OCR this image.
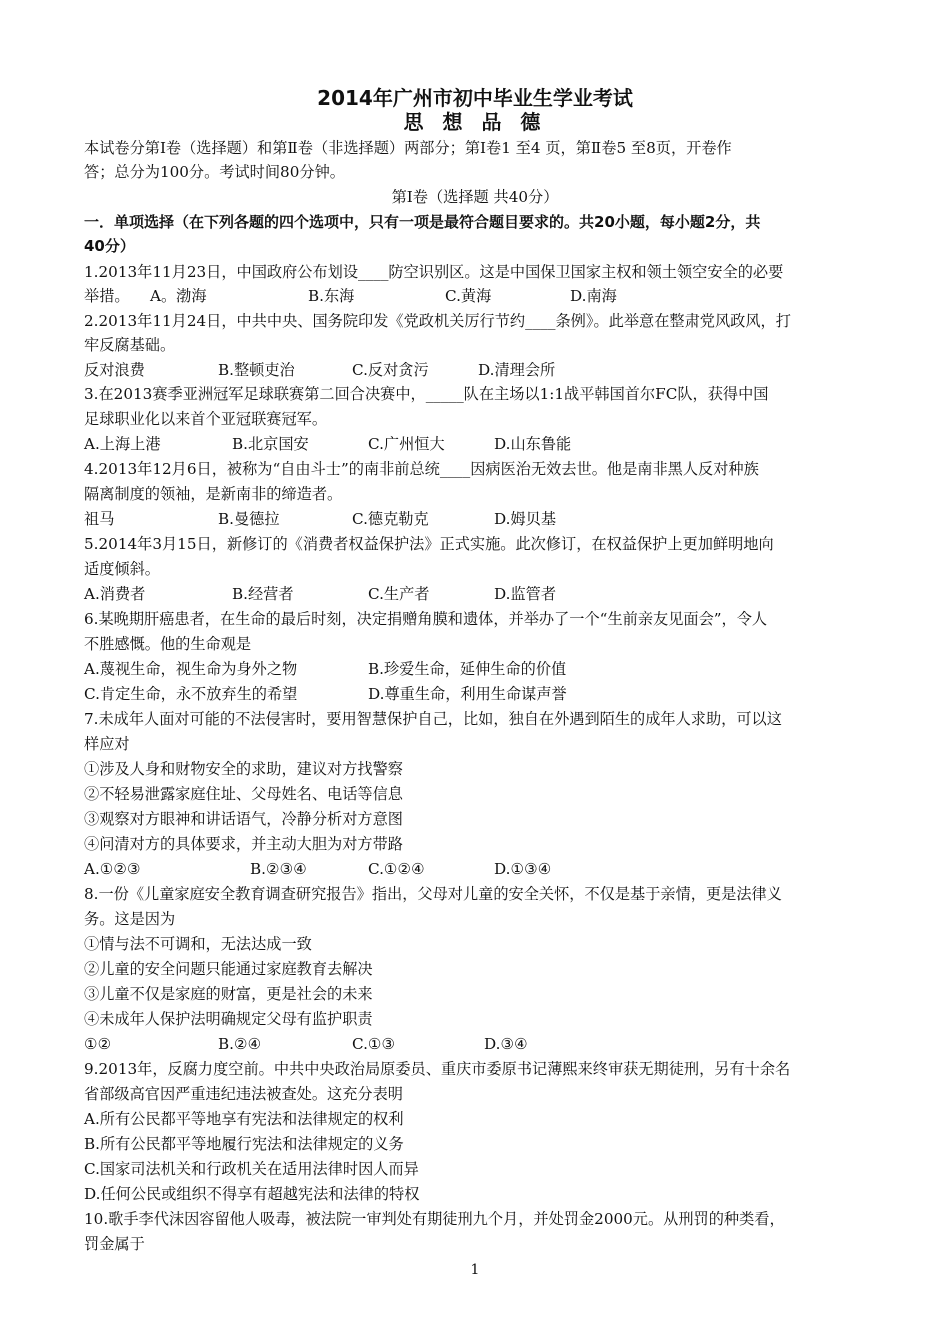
2014年广州市初中毕业生学业考试
思 想 品 德
本试卷分第Ⅰ卷（选择题）和第Ⅱ卷（非选择题）两部分；第Ⅰ卷1 至4 页，第Ⅱ卷5 至8页，开卷作
答；总分为100分。考试时间80分钟。
第Ⅰ卷（选择题 共40分）
一．单项选择（在下列各题的四个选项中，只有一项是最符合题目要求的。共20小题，每小题2分，共
40分）
1.2013年11月23日，中国政府公布划设____防空识别区。这是中国保卫国家主权和领土领空安全的必要
举措。 A。渤海	B.东海	C.黄海	D.南海
2.2013年11月24日，中共中央、国务院印发《党政机关厉行节约____条例》。此举意在整肃党风政风，打
牢反腐基础。
反对浪费	B.整顿吏治	C.反对贪污	D.清理会所
3.在2013赛季亚洲冠军足球联赛第二回合决赛中，_____队在主场以1:1战平韩国首尔FC队，获得中国
足球职业化以来首个亚冠联赛冠军。
A.上海上港	B.北京国安	C.广州恒大	D.山东鲁能
4.2013年12月6日，被称为“自由斗士”的南非前总统____因病医治无效去世。他是南非黑人反对种族
隔离制度的领袖，是新南非的缔造者。
祖马	B.曼德拉	C.德克勒克	D.姆贝基
5.2014年3月15日，新修订的《消费者权益保护法》正式实施。此次修订，在权益保护上更加鲜明地向
适度倾斜。
A.消费者	B.经营者	C.生产者	D.监管者
6.某晚期肝癌患者，在生命的最后时刻，决定捐赠角膜和遗体，并举办了一个“生前亲友见面会”，令人
不胜感慨。他的生命观是
A.蔑视生命，视生命为身外之物	B.珍爱生命，延伸生命的价值
C.肯定生命，永不放弃生的希望	D.尊重生命，利用生命谋声誉
7.未成年人面对可能的不法侵害时，要用智慧保护自己，比如，独自在外遇到陌生的成年人求助，可以这
样应对
①涉及人身和财物安全的求助，建议对方找警察
②不轻易泄露家庭住址、父母姓名、电话等信息
③观察对方眼神和讲话语气，冷静分析对方意图
④问清对方的具体要求，并主动大胆为对方带路
A.①②③	B.②③④	C.①②④	D.①③④
8.一份《儿童家庭安全教育调查研究报告》指出，父母对儿童的安全关怀，不仅是基于亲情，更是法律义
务。这是因为
①情与法不可调和，无法达成一致
②儿童的安全问题只能通过家庭教育去解决
③儿童不仅是家庭的财富，更是社会的未来
④未成年人保护法明确规定父母有监护职责
①②	B.②④	C.①③	D.③④
9.2013年，反腐力度空前。中共中央政治局原委员、重庆市委原书记薄熙来终审获无期徒刑，另有十余名
省部级高官因严重违纪违法被查处。这充分表明
A.所有公民都平等地享有宪法和法律规定的权利
B.所有公民都平等地履行宪法和法律规定的义务
C.国家司法机关和行政机关在适用法律时因人而异
D.任何公民或组织不得享有超越宪法和法律的特权
10.歌手李代沫因容留他人吸毒，被法院一审判处有期徒刑九个月，并处罚金2000元。从刑罚的种类看，
罚金属于
1
